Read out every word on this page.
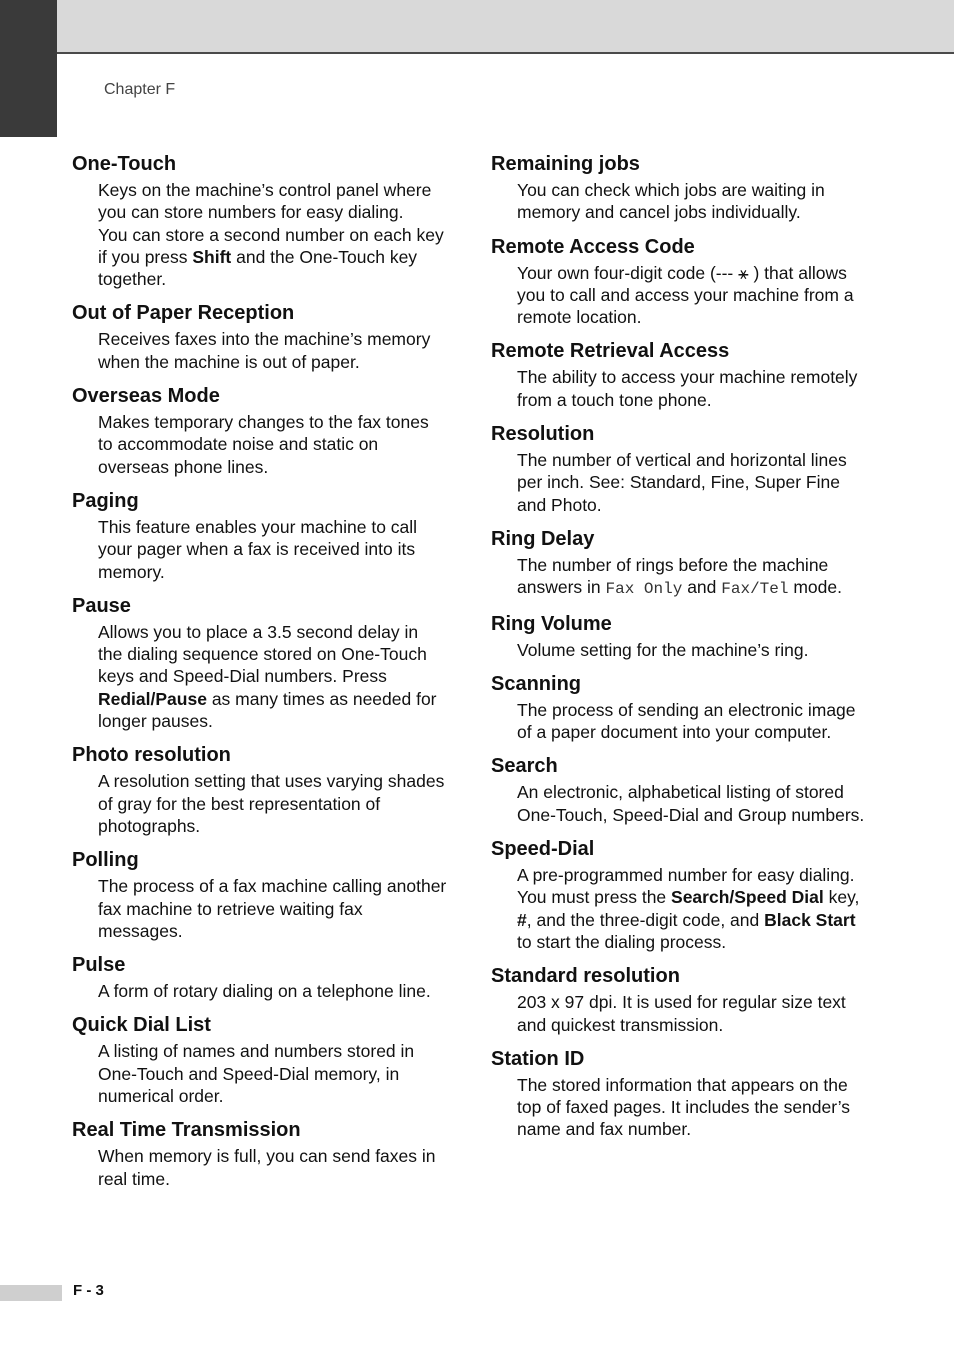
Chapter F
One-Touch
Keys on the machine’s control panel where you can store numbers for easy dialing.
You can store a second number on each key if you press Shift and the One-Touch key together.
Out of Paper Reception
Receives faxes into the machine’s memory when the machine is out of paper.
Overseas Mode
Makes temporary changes to the fax tones to accommodate noise and static on overseas phone lines.
Paging
This feature enables your machine to call your pager when a fax is received into its memory.
Pause
Allows you to place a 3.5 second delay in the dialing sequence stored on One-Touch keys and Speed-Dial numbers. Press Redial/Pause as many times as needed for longer pauses.
Photo resolution
A resolution setting that uses varying shades of gray for the best representation of photographs.
Polling
The process of a fax machine calling another fax machine to retrieve waiting fax messages.
Pulse
A form of rotary dialing on a telephone line.
Quick Dial List
A listing of names and numbers stored in One-Touch and Speed-Dial memory, in numerical order.
Real Time Transmission
When memory is full, you can send faxes in real time.
Remaining jobs
You can check which jobs are waiting in memory and cancel jobs individually.
Remote Access Code
Your own four-digit code (--- ⚹ ) that allows you to call and access your machine from a remote location.
Remote Retrieval Access
The ability to access your machine remotely from a touch tone phone.
Resolution
The number of vertical and horizontal lines per inch. See: Standard, Fine, Super Fine and Photo.
Ring Delay
The number of rings before the machine answers in Fax Only and Fax/Tel mode.
Ring Volume
Volume setting for the machine’s ring.
Scanning
The process of sending an electronic image of a paper document into your computer.
Search
An electronic, alphabetical listing of stored One-Touch, Speed-Dial and Group numbers.
Speed-Dial
A pre-programmed number for easy dialing. You must press the Search/Speed Dial key, #, and the three-digit code, and Black Start to start the dialing process.
Standard resolution
203 x 97 dpi. It is used for regular size text and quickest transmission.
Station ID
The stored information that appears on the top of faxed pages. It includes the sender’s name and fax number.
F - 3
